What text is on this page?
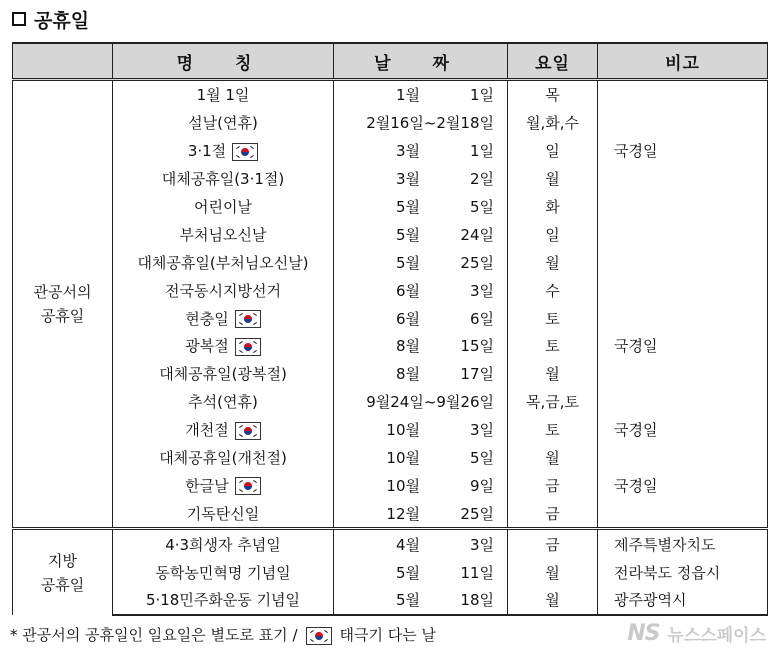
공휴일
	명 칭	날 짜	요일	비고
관공서의
공휴일	1월 1일	1월 1일	목	
	설날(연휴)	2월16일~2월18일	월,화,수	
	3·1절	3월 1일	일	국경일
	대체공휴일(3·1절)	3월 2일	월	
	어린이날	5월 5일	화	
	부처님오신날	5월 24일	일	
	대체공휴일(부처님오신날)	5월 25일	월	
	전국동시지방선거	6월 3일	수	
	현충일	6월 6일	토	
	광복절	8월 15일	토	국경일
	대체공휴일(광복절)	8월 17일	월	
	추석(연휴)	9월24일~9월26일	목,금,토	
	개천절	10월 3일	토	국경일
	대체공휴일(개천절)	10월 5일	월	
	한글날	10월 9일	금	국경일
	기독탄신일	12월 25일	금	
지방
공휴일	4·3희생자 추념일	4월 3일	금	제주특별자치도
	동학농민혁명 기념일	5월 11일	월	전라북도 정읍시
	5·18민주화운동 기념일	5월 18일	월	광주광역시
* 관공서의 공휴일인 일요일은 별도로 표기 /	태극기 다는 날	NS 뉴스스페이스
